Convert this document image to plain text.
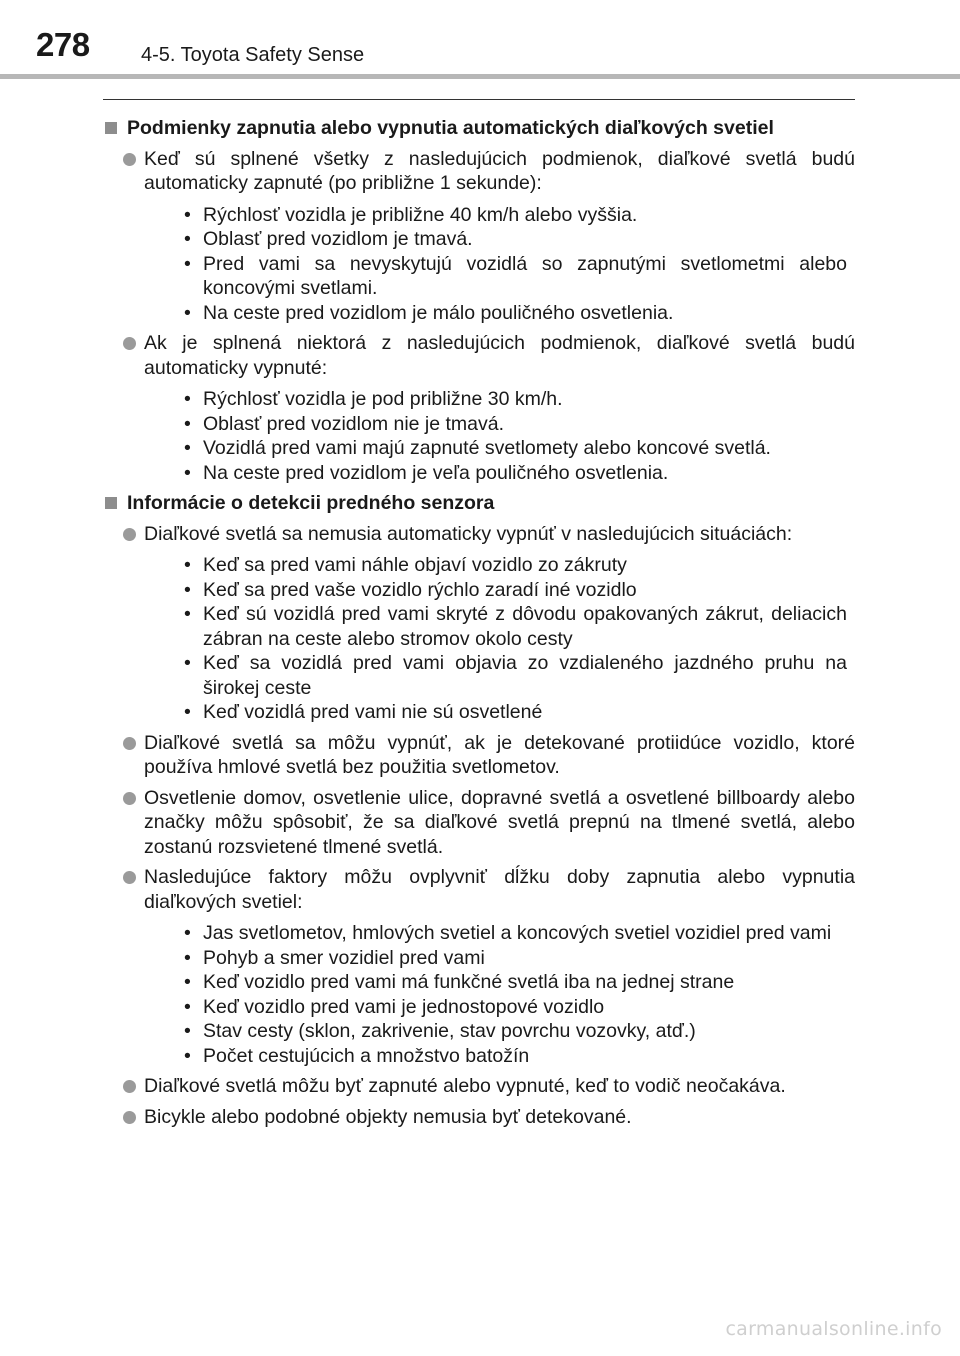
278	4-5. Toyota Safety Sense
Podmienky zapnutia alebo vypnutia automatických diaľkových svetiel
Keď sú splnené všetky z nasledujúcich podmienok, diaľkové svetlá budú automaticky zapnuté (po približne 1 sekunde):
• Rýchlosť vozidla je približne 40 km/h alebo vyššia.
• Oblasť pred vozidlom je tmavá.
• Pred vami sa nevyskytujú vozidlá so zapnutými svetlometmi alebo koncovými svetlami.
• Na ceste pred vozidlom je málo pouličného osvetlenia.
Ak je splnená niektorá z nasledujúcich podmienok, diaľkové svetlá budú automaticky vypnuté:
• Rýchlosť vozidla je pod približne 30 km/h.
• Oblasť pred vozidlom nie je tmavá.
• Vozidlá pred vami majú zapnuté svetlomety alebo koncové svetlá.
• Na ceste pred vozidlom je veľa pouličného osvetlenia.
Informácie o detekcii predného senzora
Diaľkové svetlá sa nemusia automaticky vypnúť v nasledujúcich situáciách:
• Keď sa pred vami náhle objaví vozidlo zo zákruty
• Keď sa pred vaše vozidlo rýchlo zaradí iné vozidlo
• Keď sú vozidlá pred vami skryté z dôvodu opakovaných zákrut, deliacich zábran na ceste alebo stromov okolo cesty
• Keď sa vozidlá pred vami objavia zo vzdialeného jazdného pruhu na širokej ceste
• Keď vozidlá pred vami nie sú osvetlené
Diaľkové svetlá sa môžu vypnúť, ak je detekované protiidúce vozidlo, ktoré používa hmlové svetlá bez použitia svetlometov.
Osvetlenie domov, osvetlenie ulice, dopravné svetlá a osvetlené billboardy alebo značky môžu spôsobiť, že sa diaľkové svetlá prepnú na tlmené svetlá, alebo zostanú rozsvietené tlmené svetlá.
Nasledujúce faktory môžu ovplyvniť dĺžku doby zapnutia alebo vypnutia diaľkových svetiel:
• Jas svetlometov, hmlových svetiel a koncových svetiel vozidiel pred vami
• Pohyb a smer vozidiel pred vami
• Keď vozidlo pred vami má funkčné svetlá iba na jednej strane
• Keď vozidlo pred vami je jednostopové vozidlo
• Stav cesty (sklon, zakrivenie, stav povrchu vozovky, atď.)
• Počet cestujúcich a množstvo batožín
Diaľkové svetlá môžu byť zapnuté alebo vypnuté, keď to vodič neočakáva.
Bicykle alebo podobné objekty nemusia byť detekované.
carmanualsonline.info
